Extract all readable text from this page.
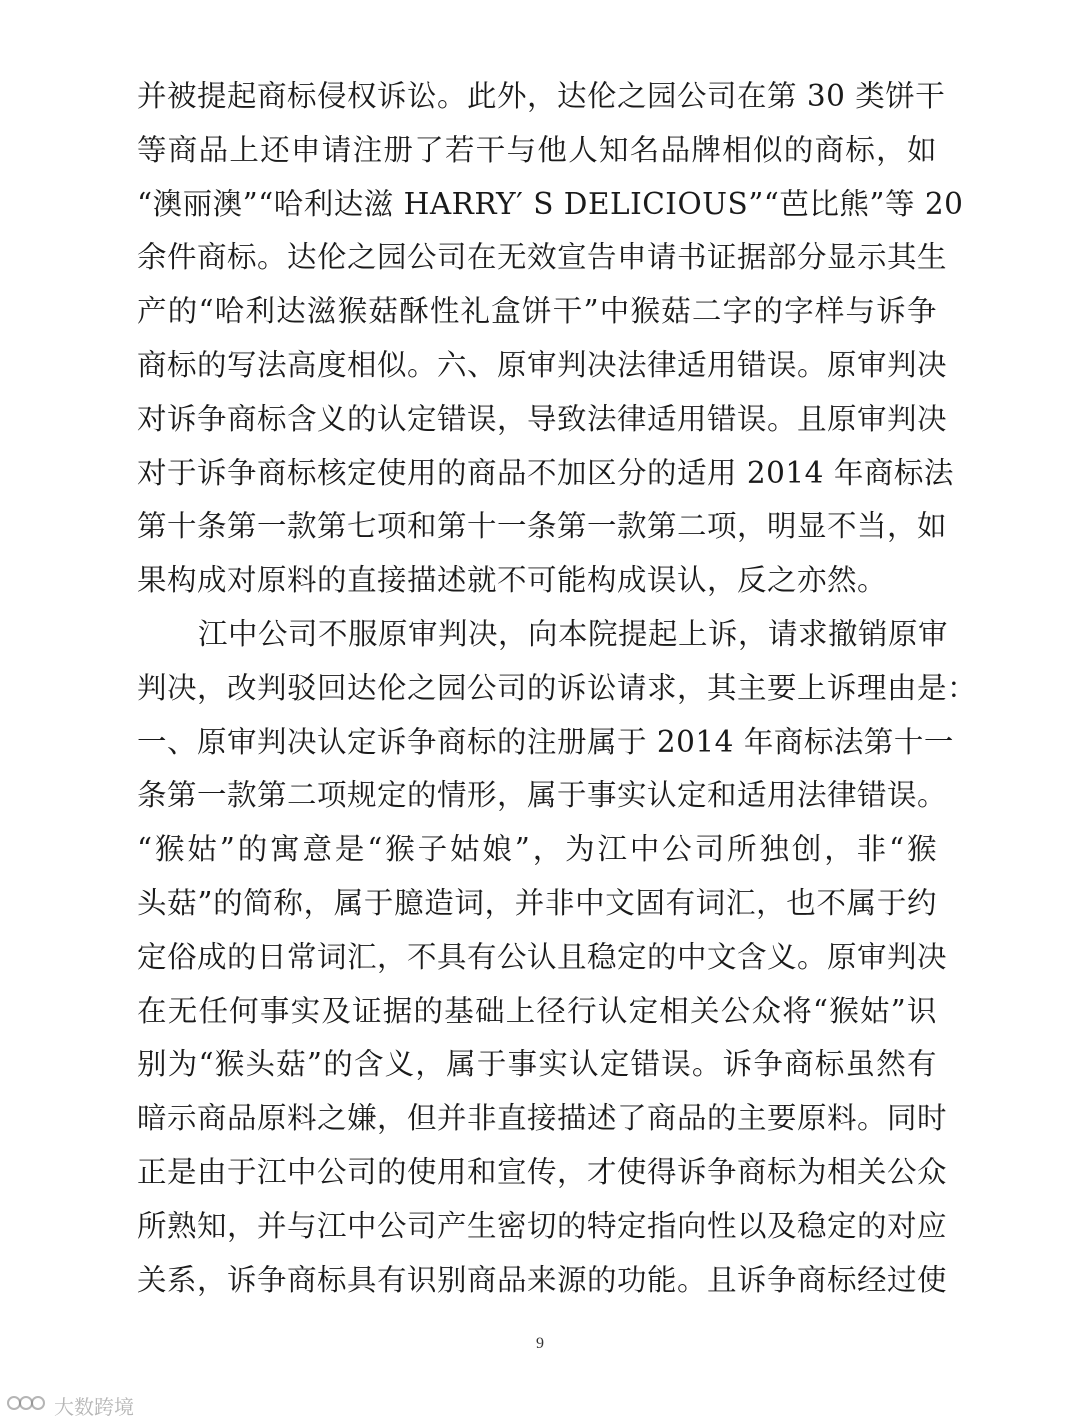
并被提起商标侵权诉讼。此外，达伦之园公司在第 30 类饼干
等商品上还申请注册了若干与他人知名品牌相似的商标，如
“澳丽澳”“哈利达滋 HARRY′ S DELICIOUS”“芭比熊”等 20
余件商标。达伦之园公司在无效宣告申请书证据部分显示其生
产的“哈利达滋猴菇酥性礼盒饼干”中猴菇二字的字样与诉争
商标的写法高度相似。六、原审判决法律适用错误。原审判决
对诉争商标含义的认定错误，导致法律适用错误。且原审判决
对于诉争商标核定使用的商品不加区分的适用 2014 年商标法
第十条第一款第七项和第十一条第一款第二项，明显不当，如
果构成对原料的直接描述就不可能构成误认，反之亦然。
江中公司不服原审判决，向本院提起上诉，请求撤销原审
判决，改判驳回达伦之园公司的诉讼请求，其主要上诉理由是：
一、原审判决认定诉争商标的注册属于 2014 年商标法第十一
条第一款第二项规定的情形，属于事实认定和适用法律错误。
“猴姑”的寓意是“猴子姑娘”，为江中公司所独创，非“猴
头菇”的简称，属于臆造词，并非中文固有词汇，也不属于约
定俗成的日常词汇，不具有公认且稳定的中文含义。原审判决
在无任何事实及证据的基础上径行认定相关公众将“猴姑”识
别为“猴头菇”的含义，属于事实认定错误。诉争商标虽然有
暗示商品原料之嫌，但并非直接描述了商品的主要原料。同时
正是由于江中公司的使用和宣传，才使得诉争商标为相关公众
所熟知，并与江中公司产生密切的特定指向性以及稳定的对应
关系，诉争商标具有识别商品来源的功能。且诉争商标经过使
9
大数跨境
